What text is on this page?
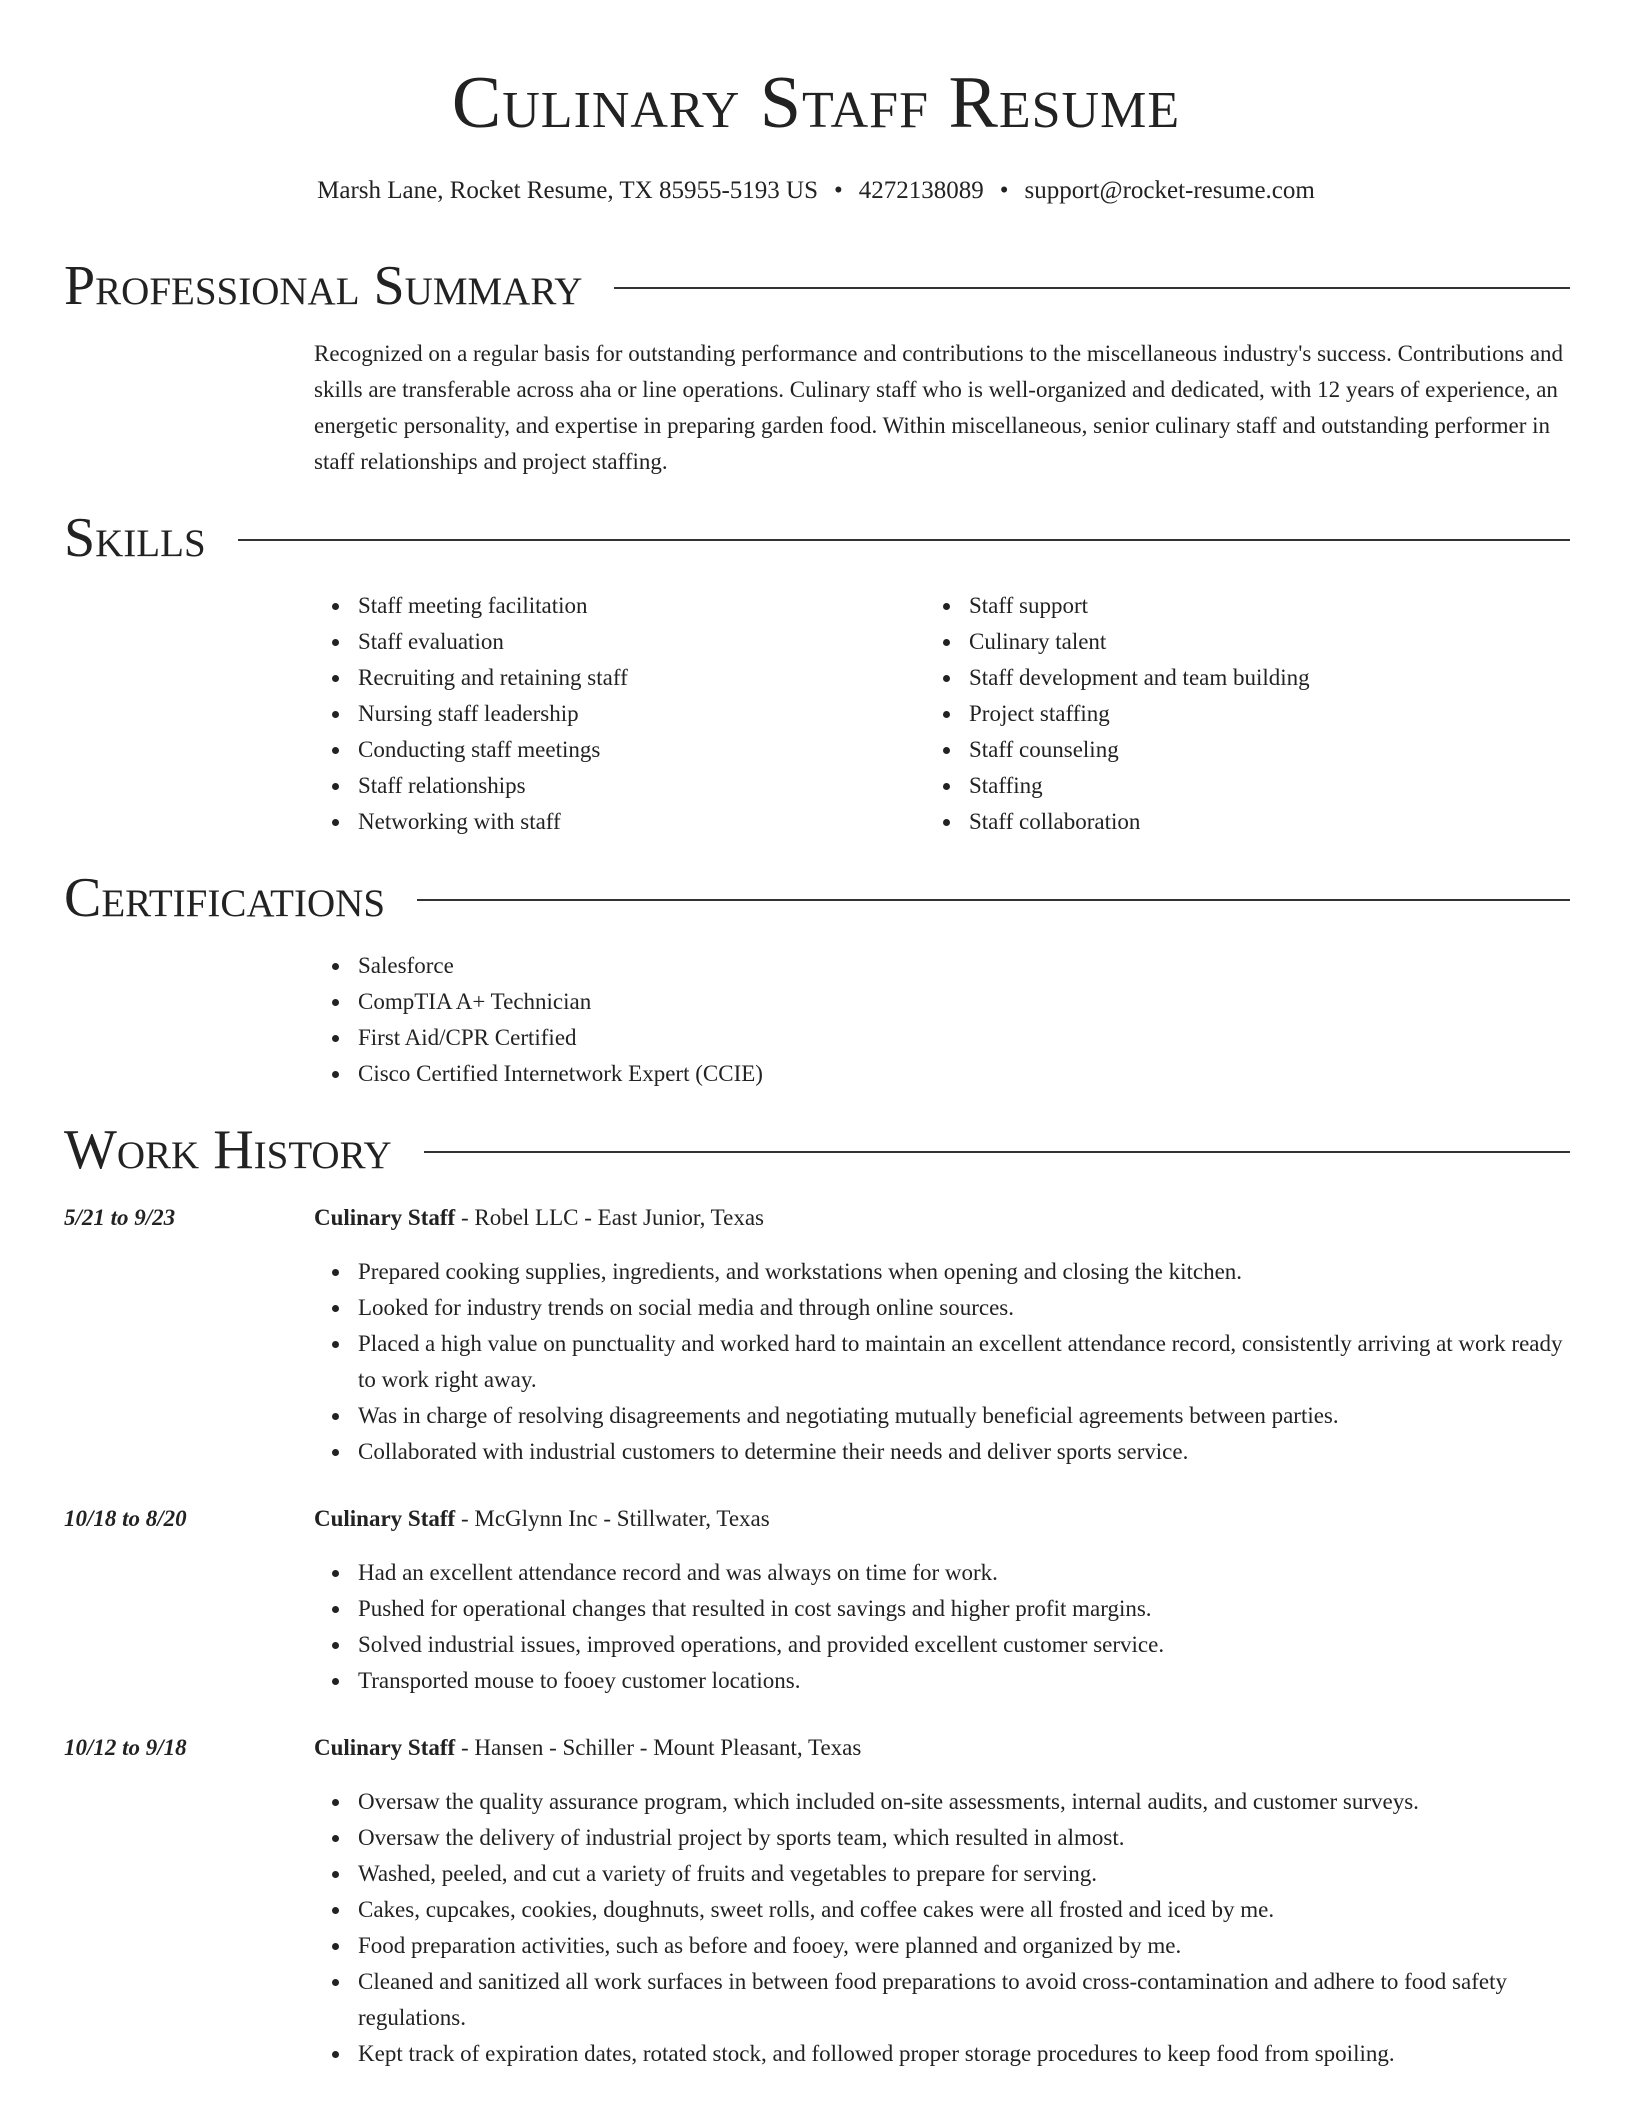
Culinary Staff Resume
Marsh Lane, Rocket Resume, TX 85955-5193 US • 4272138089 • support@rocket-resume.com
Professional Summary

Recognized on a regular basis for outstanding performance and contributions to the miscellaneous industry's success. Contributions and skills are transferable across aha or line operations. Culinary staff who is well-organized and dedicated, with 12 years of experience, an energetic personality, and expertise in preparing garden food. Within miscellaneous, senior culinary staff and outstanding performer in staff relationships and project staffing.

Skills
Staff meeting facilitation
Staff evaluation
Recruiting and retaining staff
Nursing staff leadership
Conducting staff meetings
Staff relationships
Networking with staff
Staff support
Culinary talent
Staff development and team building
Project staffing
Staff counseling
Staffing
Staff collaboration
Certifications
Salesforce
CompTIA A+ Technician
First Aid/CPR Certified
Cisco Certified Internetwork Expert (CCIE)
Work History
5/21 to 9/23	Culinary Staff - Robel LLC - East Junior, Texas
Prepared cooking supplies, ingredients, and workstations when opening and closing the kitchen.
Looked for industry trends on social media and through online sources.
Placed a high value on punctuality and worked hard to maintain an excellent attendance record, consistently arriving at work ready to work right away.
Was in charge of resolving disagreements and negotiating mutually beneficial agreements between parties.
Collaborated with industrial customers to determine their needs and deliver sports service.
10/18 to 8/20	Culinary Staff - McGlynn Inc - Stillwater, Texas
Had an excellent attendance record and was always on time for work.
Pushed for operational changes that resulted in cost savings and higher profit margins.
Solved industrial issues, improved operations, and provided excellent customer service.
Transported mouse to fooey customer locations.
10/12 to 9/18	Culinary Staff - Hansen - Schiller - Mount Pleasant, Texas
Oversaw the quality assurance program, which included on-site assessments, internal audits, and customer surveys.
Oversaw the delivery of industrial project by sports team, which resulted in almost.
Washed, peeled, and cut a variety of fruits and vegetables to prepare for serving.
Cakes, cupcakes, cookies, doughnuts, sweet rolls, and coffee cakes were all frosted and iced by me.
Food preparation activities, such as before and fooey, were planned and organized by me.
Cleaned and sanitized all work surfaces in between food preparations to avoid cross-contamination and adhere to food safety regulations.
Kept track of expiration dates, rotated stock, and followed proper storage procedures to keep food from spoiling.
